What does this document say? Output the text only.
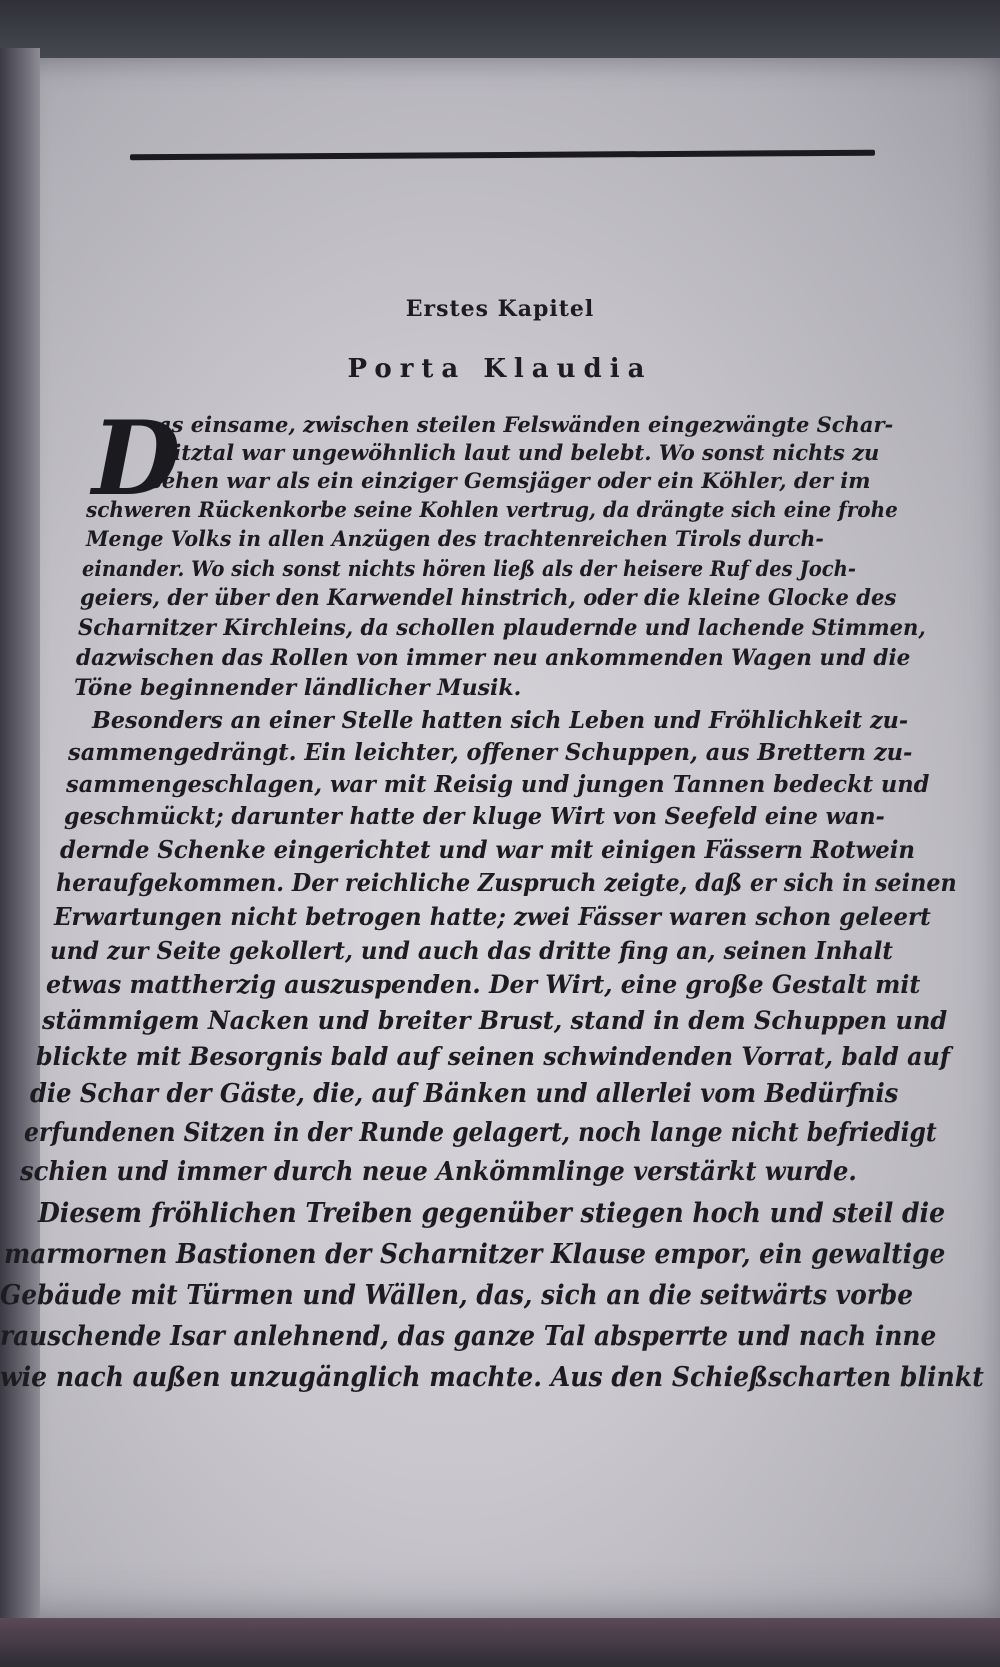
Erstes Kapitel
Porta Klaudia
D
as einsame, zwischen steilen Felswänden eingezwängte Schar-
nitztal war ungewöhnlich laut und belebt. Wo sonst nichts zu
sehen war als ein einziger Gemsjäger oder ein Köhler, der im
schweren Rückenkorbe seine Kohlen vertrug, da drängte sich eine frohe
Menge Volks in allen Anzügen des trachtenreichen Tirols durch-
einander. Wo sich sonst nichts hören ließ als der heisere Ruf des Joch-
geiers, der über den Karwendel hinstrich, oder die kleine Glocke des
Scharnitzer Kirchleins, da schollen plaudernde und lachende Stimmen,
dazwischen das Rollen von immer neu ankommenden Wagen und die
Töne beginnender ländlicher Musik.
Besonders an einer Stelle hatten sich Leben und Fröhlichkeit zu-
sammengedrängt. Ein leichter, offener Schuppen, aus Brettern zu-
sammengeschlagen, war mit Reisig und jungen Tannen bedeckt und
geschmückt; darunter hatte der kluge Wirt von Seefeld eine wan-
dernde Schenke eingerichtet und war mit einigen Fässern Rotwein
heraufgekommen. Der reichliche Zuspruch zeigte, daß er sich in seinen
Erwartungen nicht betrogen hatte; zwei Fässer waren schon geleert
und zur Seite gekollert, und auch das dritte fing an, seinen Inhalt
etwas mattherzig auszuspenden. Der Wirt, eine große Gestalt mit
stämmigem Nacken und breiter Brust, stand in dem Schuppen und
blickte mit Besorgnis bald auf seinen schwindenden Vorrat, bald auf
die Schar der Gäste, die, auf Bänken und allerlei vom Bedürfnis
erfundenen Sitzen in der Runde gelagert, noch lange nicht befriedigt
schien und immer durch neue Ankömmlinge verstärkt wurde.
Diesem fröhlichen Treiben gegenüber stiegen hoch und steil die
marmornen Bastionen der Scharnitzer Klause empor, ein gewaltige
Gebäude mit Türmen und Wällen, das, sich an die seitwärts vorbe
rauschende Isar anlehnend, das ganze Tal absperrte und nach inne
wie nach außen unzugänglich machte. Aus den Schießscharten blinkt
